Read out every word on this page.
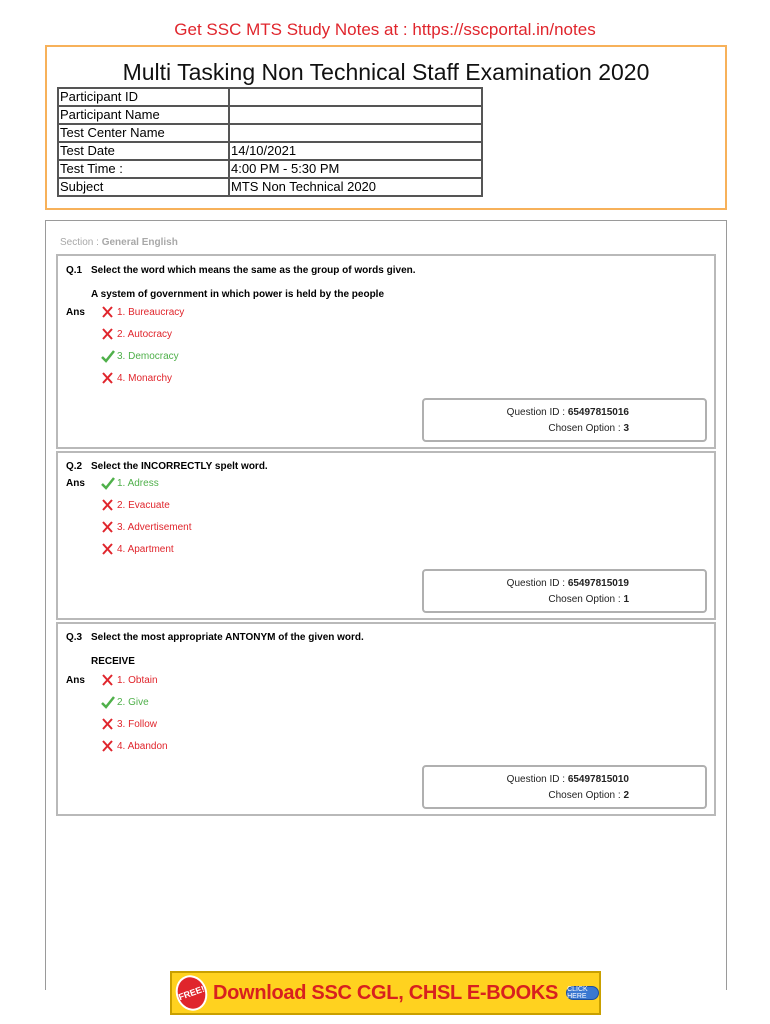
Get SSC MTS Study Notes at : https://sscportal.in/notes
Multi Tasking Non Technical Staff Examination 2020
Participant ID	
Participant Name	
Test Center Name	
Test Date	14/10/2021
Test Time :	4:00 PM - 5:30 PM
Subject	MTS Non Technical 2020
Section : General English
Q.1 Select the word which means the same as the group of words given.
A system of government in which power is held by the people
Ans	1. Bureaucracy
2. Autocracy
3. Democracy
4. Monarchy
Question ID : 65497815016
Chosen Option : 3
Q.2 Select the INCORRECTLY spelt word.
Ans	1. Adress
2. Evacuate
3. Advertisement
4. Apartment
Question ID : 65497815019
Chosen Option : 1
Q.3 Select the most appropriate ANTONYM of the given word.
RECEIVE
Ans	1. Obtain
2. Give
3. Follow
4. Abandon
Question ID : 65497815010
Chosen Option : 2
FREE! Download SSC CGL, CHSL E-BOOKS CLICK HERE
